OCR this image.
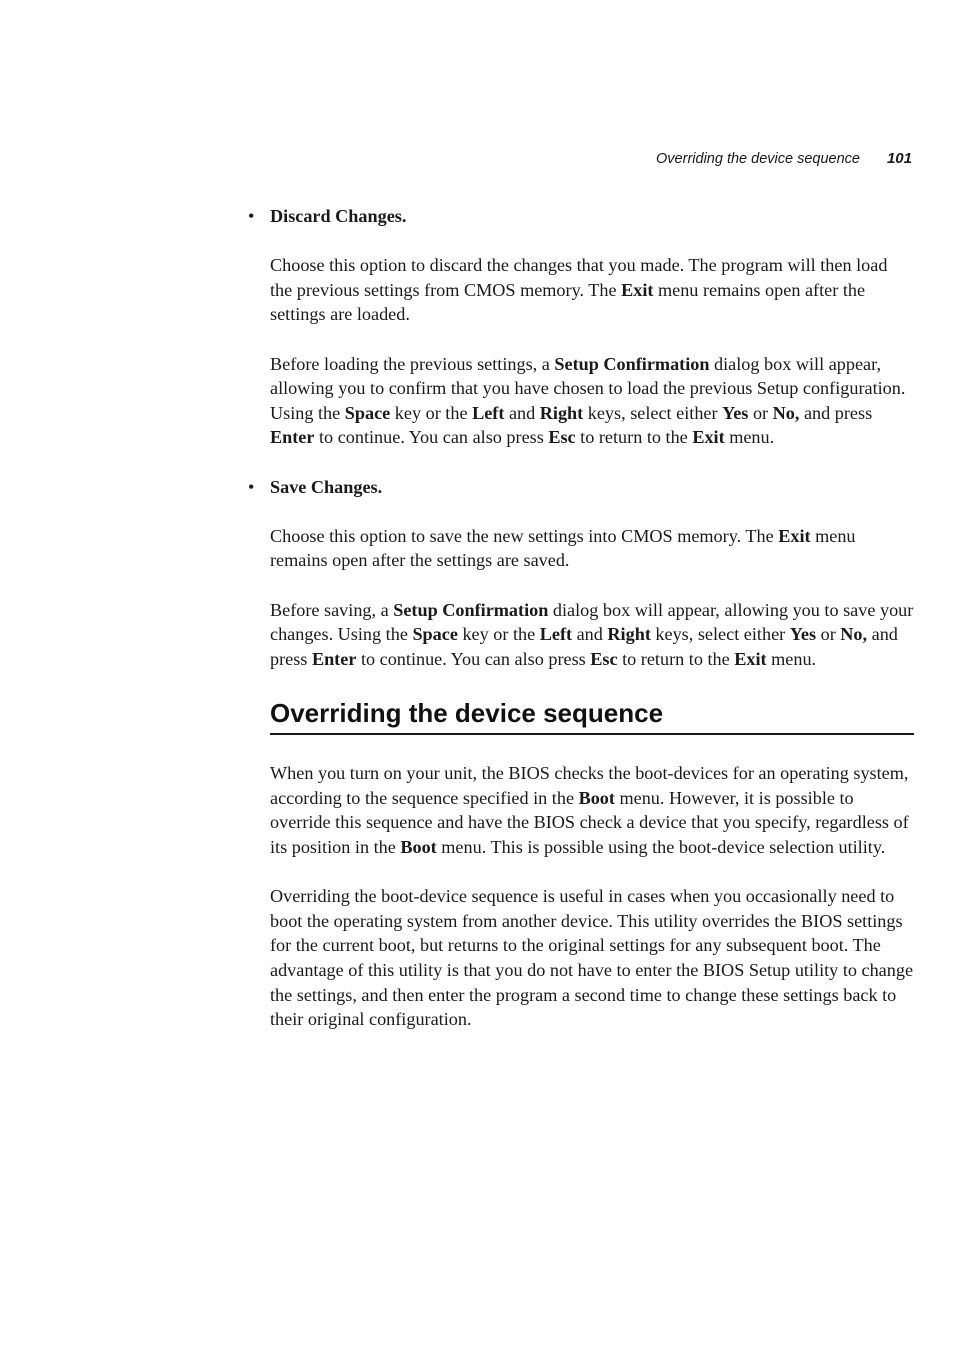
Overriding the device sequence 101
• Discard Changes.

Choose this option to discard the changes that you made. The program will then load the previous settings from CMOS memory. The Exit menu remains open after the settings are loaded.

Before loading the previous settings, a Setup Confirmation dialog box will appear, allowing you to confirm that you have chosen to load the previous Setup configuration. Using the Space key or the Left and Right keys, select either Yes or No, and press Enter to continue. You can also press Esc to return to the Exit menu.

• Save Changes.

Choose this option to save the new settings into CMOS memory. The Exit menu remains open after the settings are saved.

Before saving, a Setup Confirmation dialog box will appear, allowing you to save your changes. Using the Space key or the Left and Right keys, select either Yes or No, and press Enter to continue. You can also press Esc to return to the Exit menu.

Overriding the device sequence

When you turn on your unit, the BIOS checks the boot-devices for an operating system, according to the sequence specified in the Boot menu. However, it is possible to override this sequence and have the BIOS check a device that you specify, regardless of its position in the Boot menu. This is possible using the boot-device selection utility.

Overriding the boot-device sequence is useful in cases when you occasionally need to boot the operating system from another device. This utility overrides the BIOS settings for the current boot, but returns to the original settings for any subsequent boot. The advantage of this utility is that you do not have to enter the BIOS Setup utility to change the settings, and then enter the program a second time to change these settings back to their original configuration.
